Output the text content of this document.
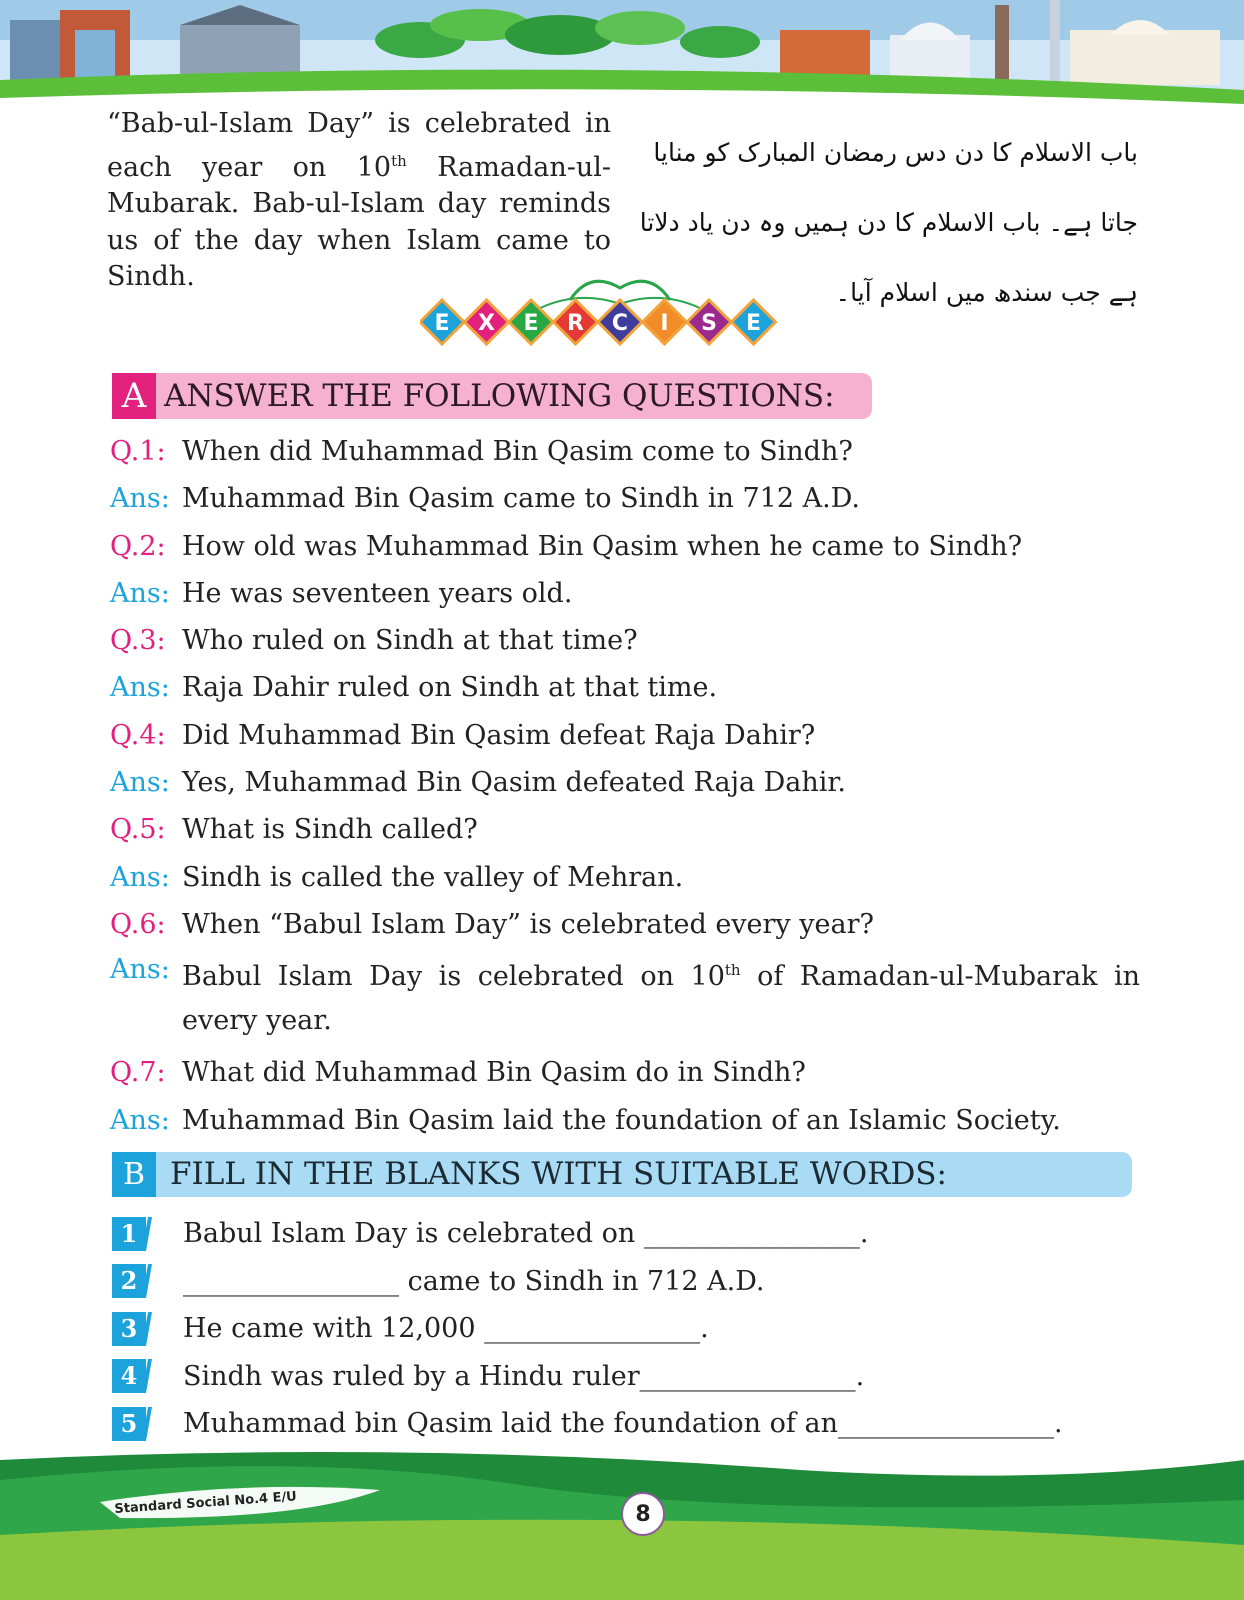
“Bab-ul-Islam Day” is celebrated in each year on 10th Ramadan-ul-Mubarak. Bab-ul-Islam day reminds us of the day when Islam came to Sindh.
باب الاسلام کا دن دس رمضان المبارک کو منایا جاتا ہے۔ باب الاسلام کا دن ہمیں وہ دن یاد دلاتا ہے جب سندھ میں اسلام آیا۔
E X E R C I S E
A ANSWER THE FOLLOWING QUESTIONS:
Q.1: When did Muhammad Bin Qasim come to Sindh?
Ans: Muhammad Bin Qasim came to Sindh in 712 A.D.
Q.2: How old was Muhammad Bin Qasim when he came to Sindh?
Ans: He was seventeen years old.
Q.3: Who ruled on Sindh at that time?
Ans: Raja Dahir ruled on Sindh at that time.
Q.4: Did Muhammad Bin Qasim defeat Raja Dahir?
Ans: Yes, Muhammad Bin Qasim defeated Raja Dahir.
Q.5: What is Sindh called?
Ans: Sindh is called the valley of Mehran.
Q.6: When “Babul Islam Day” is celebrated every year?
Ans: Babul Islam Day is celebrated on 10th of Ramadan-ul-Mubarak in every year.
Q.7: What did Muhammad Bin Qasim do in Sindh?
Ans: Muhammad Bin Qasim laid the foundation of an Islamic Society.
B FILL IN THE BLANKS WITH SUITABLE WORDS:
1	Babul Islam Day is celebrated on ________________.
2	________________ came to Sindh in 712 A.D.
3	He came with 12,000 ________________.
4	Sindh was ruled by a Hindu ruler________________.
5	Muhammad bin Qasim laid the foundation of an________________.
Standard Social No.4 E/U	8
